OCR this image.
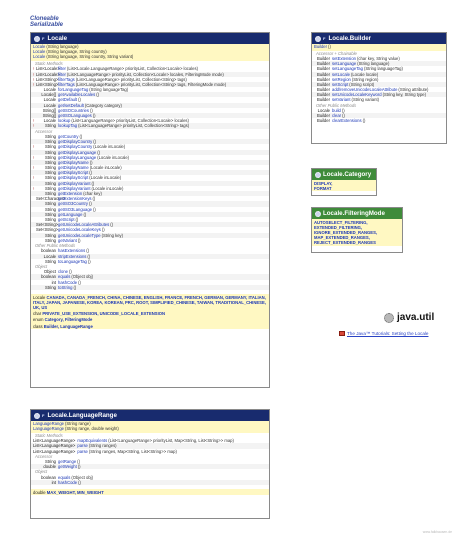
Cloneable
Serializable
F Locale
Locale (String language)
Locale (String language, String country)
Locale (String language, String country, String variant)
Static Methods
↑ List<Locale>
filter (List<Locale.LanguageRange> priorityList, Collection<Locale> locales)
↑ List<Locale>
filter (List<LanguageRange> priorityList, Collection<Locale> locales, FilteringMode mode)
↑ List<String> filterTags (List<LanguageRange> priorityList, Collection<String> tags)
↑ List<String> filterTags (List<LanguageRange> priorityList, Collection<String> tags, FilteringMode mode)
Locale forLanguageTag (String languageTag)
Locale[] getAvailableLocales ()
Locale getDefault ()
Locale get/setDefault (Category category)
String[] getISOCountries ()
String[] getISOLanguages ()
↑	Locale lookup (List<LanguageRange> priorityList, Collection<Locale> locales)
↑	String lookupTag (List<LanguageRange> priorityList, Collection<String> tags)
Accessor
String getCountry ()
String getDisplayCountry ()
↑	String getDisplayCountry (Locale inLocale)
String getDisplayLanguage ()
↑	String getDisplayLanguage (Locale inLocale)
String getDisplayName ()
↑	String getDisplayName (Locale inLocale)
String getDisplayScript ()
↑	String getDisplayScript (Locale inLocale)
String getDisplayVariant ()
↑	String getDisplayVariant (Locale inLocale)
String getExtension (char key)
Set<Character>
getExtensionKeys ()
String getISO3Country ()
String getISO3Language ()
String getLanguage ()
String getScript ()
Set<String> getUnicodeLocaleAttributes ()
Set<String> getUnicodeLocaleKeys ()
String getUnicodeLocaleType (String key)
String getVariant ()
Other Public Methods
boolean hasExtensions ()
Locale stripExtensions ()
String toLanguageTag ()
Object
Object clone ()
boolean equals (Object obj)
int hashCode ()
String toString ()
Locale CANADA, CANADA_FRENCH, CHINA, CHINESE, ENGLISH, FRANCE, FRENCH, GERMAN, GERMANY, ITALIAN, ITALY, JAPAN, JAPANESE, KOREA, KOREAN, PRC, ROOT, SIMPLIFIED_CHINESE, TAIWAN, TRADITIONAL_CHINESE, UK, US
char PRIVATE_USE_EXTENSION, UNICODE_LOCALE_EXTENSION
enum Category, FilteringMode
class Builder, LanguageRange
F Locale.Builder
Builder ()
Accessor + Chainable
Builder setExtension (char key, String value)
Builder setLanguage (String language)
Builder setLanguageTag (String languageTag)
Builder setLocale (Locale locale)
Builder setRegion (String region)
Builder setScript (String script)
Builder add/removeUnicodeLocaleAttribute (String attribute)
Builder setUnicodeLocaleKeyword (String key, String type)
Builder setVariant (String variant)
Other Public Methods
Locale build ()
Builder clear ()
Builder clearExtensions ()
Locale.Category
DISPLAY,
FORMAT
Locale.FilteringMode
AUTOSELECT_FILTERING,
EXTENDED_FILTERING,
IGNORE_EXTENDED_RANGES,
MAP_EXTENDED_RANGES,
REJECT_EXTENDED_RANGES
java.util
The Java™ Tutorials: Setting the Locale
F Locale.LanguageRange
LanguageRange (String range)
LanguageRange (String range, double weight)
Static Methods
List<LanguageRange> mapEquivalents (List<LanguageRange> priorityList, Map<String, List<String>> map)
List<LanguageRange> parse (String ranges)
List<LanguageRange> parse (String ranges, Map<String, List<String>> map)
Accessor
String getRange ()
double getWeight ()
Object
boolean equals (Object obj)
int hashCode ()
double MAX_WEIGHT, MIN_WEIGHT
www.falkhausen.de
